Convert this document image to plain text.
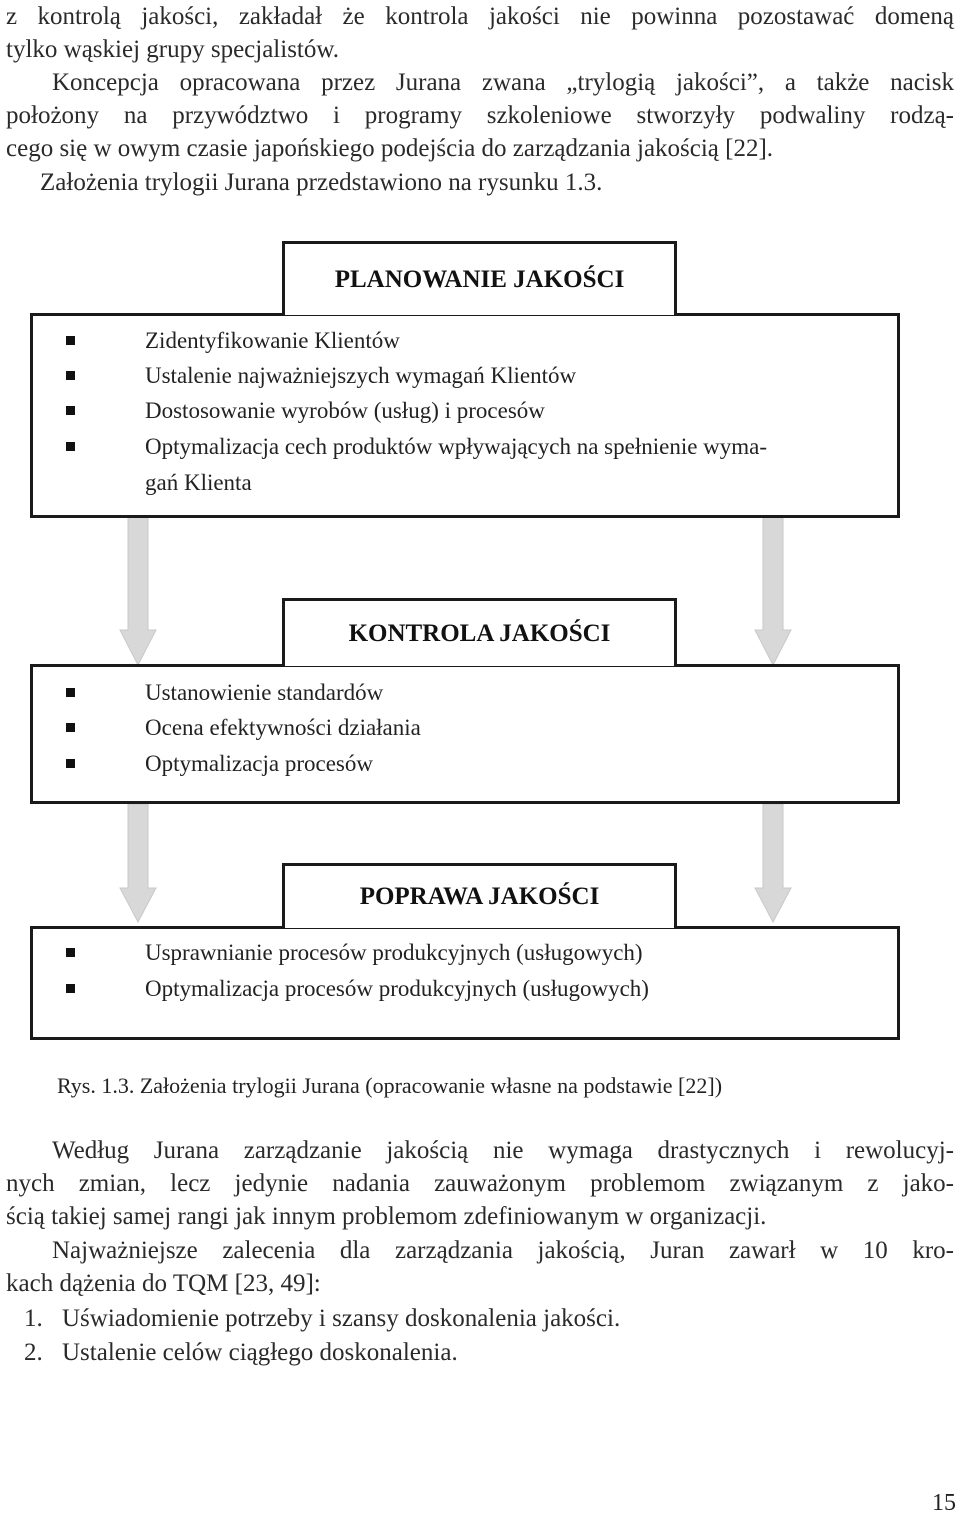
z kontrolą jakości, zakładał że kontrola jakości nie powinna pozostawać domeną
tylko wąskiej grupy specjalistów.
Koncepcja opracowana przez Jurana zwana „trylogią jakości”, a także nacisk
położony na przywództwo i programy szkoleniowe stworzyły podwaliny rodzą-
cego się w owym czasie japońskiego podejścia do zarządzania jakością [22].
Założenia trylogii Jurana przedstawiono na rysunku 1.3.
PLANOWANIE JAKOŚCI
Zidentyfikowanie Klientów
Ustalenie najważniejszych wymagań Klientów
Dostosowanie wyrobów (usług) i procesów
Optymalizacja cech produktów wpływających na spełnienie wyma-
gań Klienta
KONTROLA JAKOŚCI
Ustanowienie standardów
Ocena efektywności działania
Optymalizacja procesów
POPRAWA JAKOŚCI
Usprawnianie procesów produkcyjnych (usługowych)
Optymalizacja procesów produkcyjnych (usługowych)
Rys. 1.3. Założenia trylogii Jurana (opracowanie własne na podstawie [22])
Według Jurana zarządzanie jakością nie wymaga drastycznych i rewolucyj-
nych zmian, lecz jedynie nadania zauważonym problemom związanym z jako-
ścią takiej samej rangi jak innym problemom zdefiniowanym w organizacji.
Najważniejsze zalecenia dla zarządzania jakością, Juran zawarł w 10 kro-
kach dążenia do TQM [23, 49]:
1. Uświadomienie potrzeby i szansy doskonalenia jakości.
2. Ustalenie celów ciągłego doskonalenia.
15
